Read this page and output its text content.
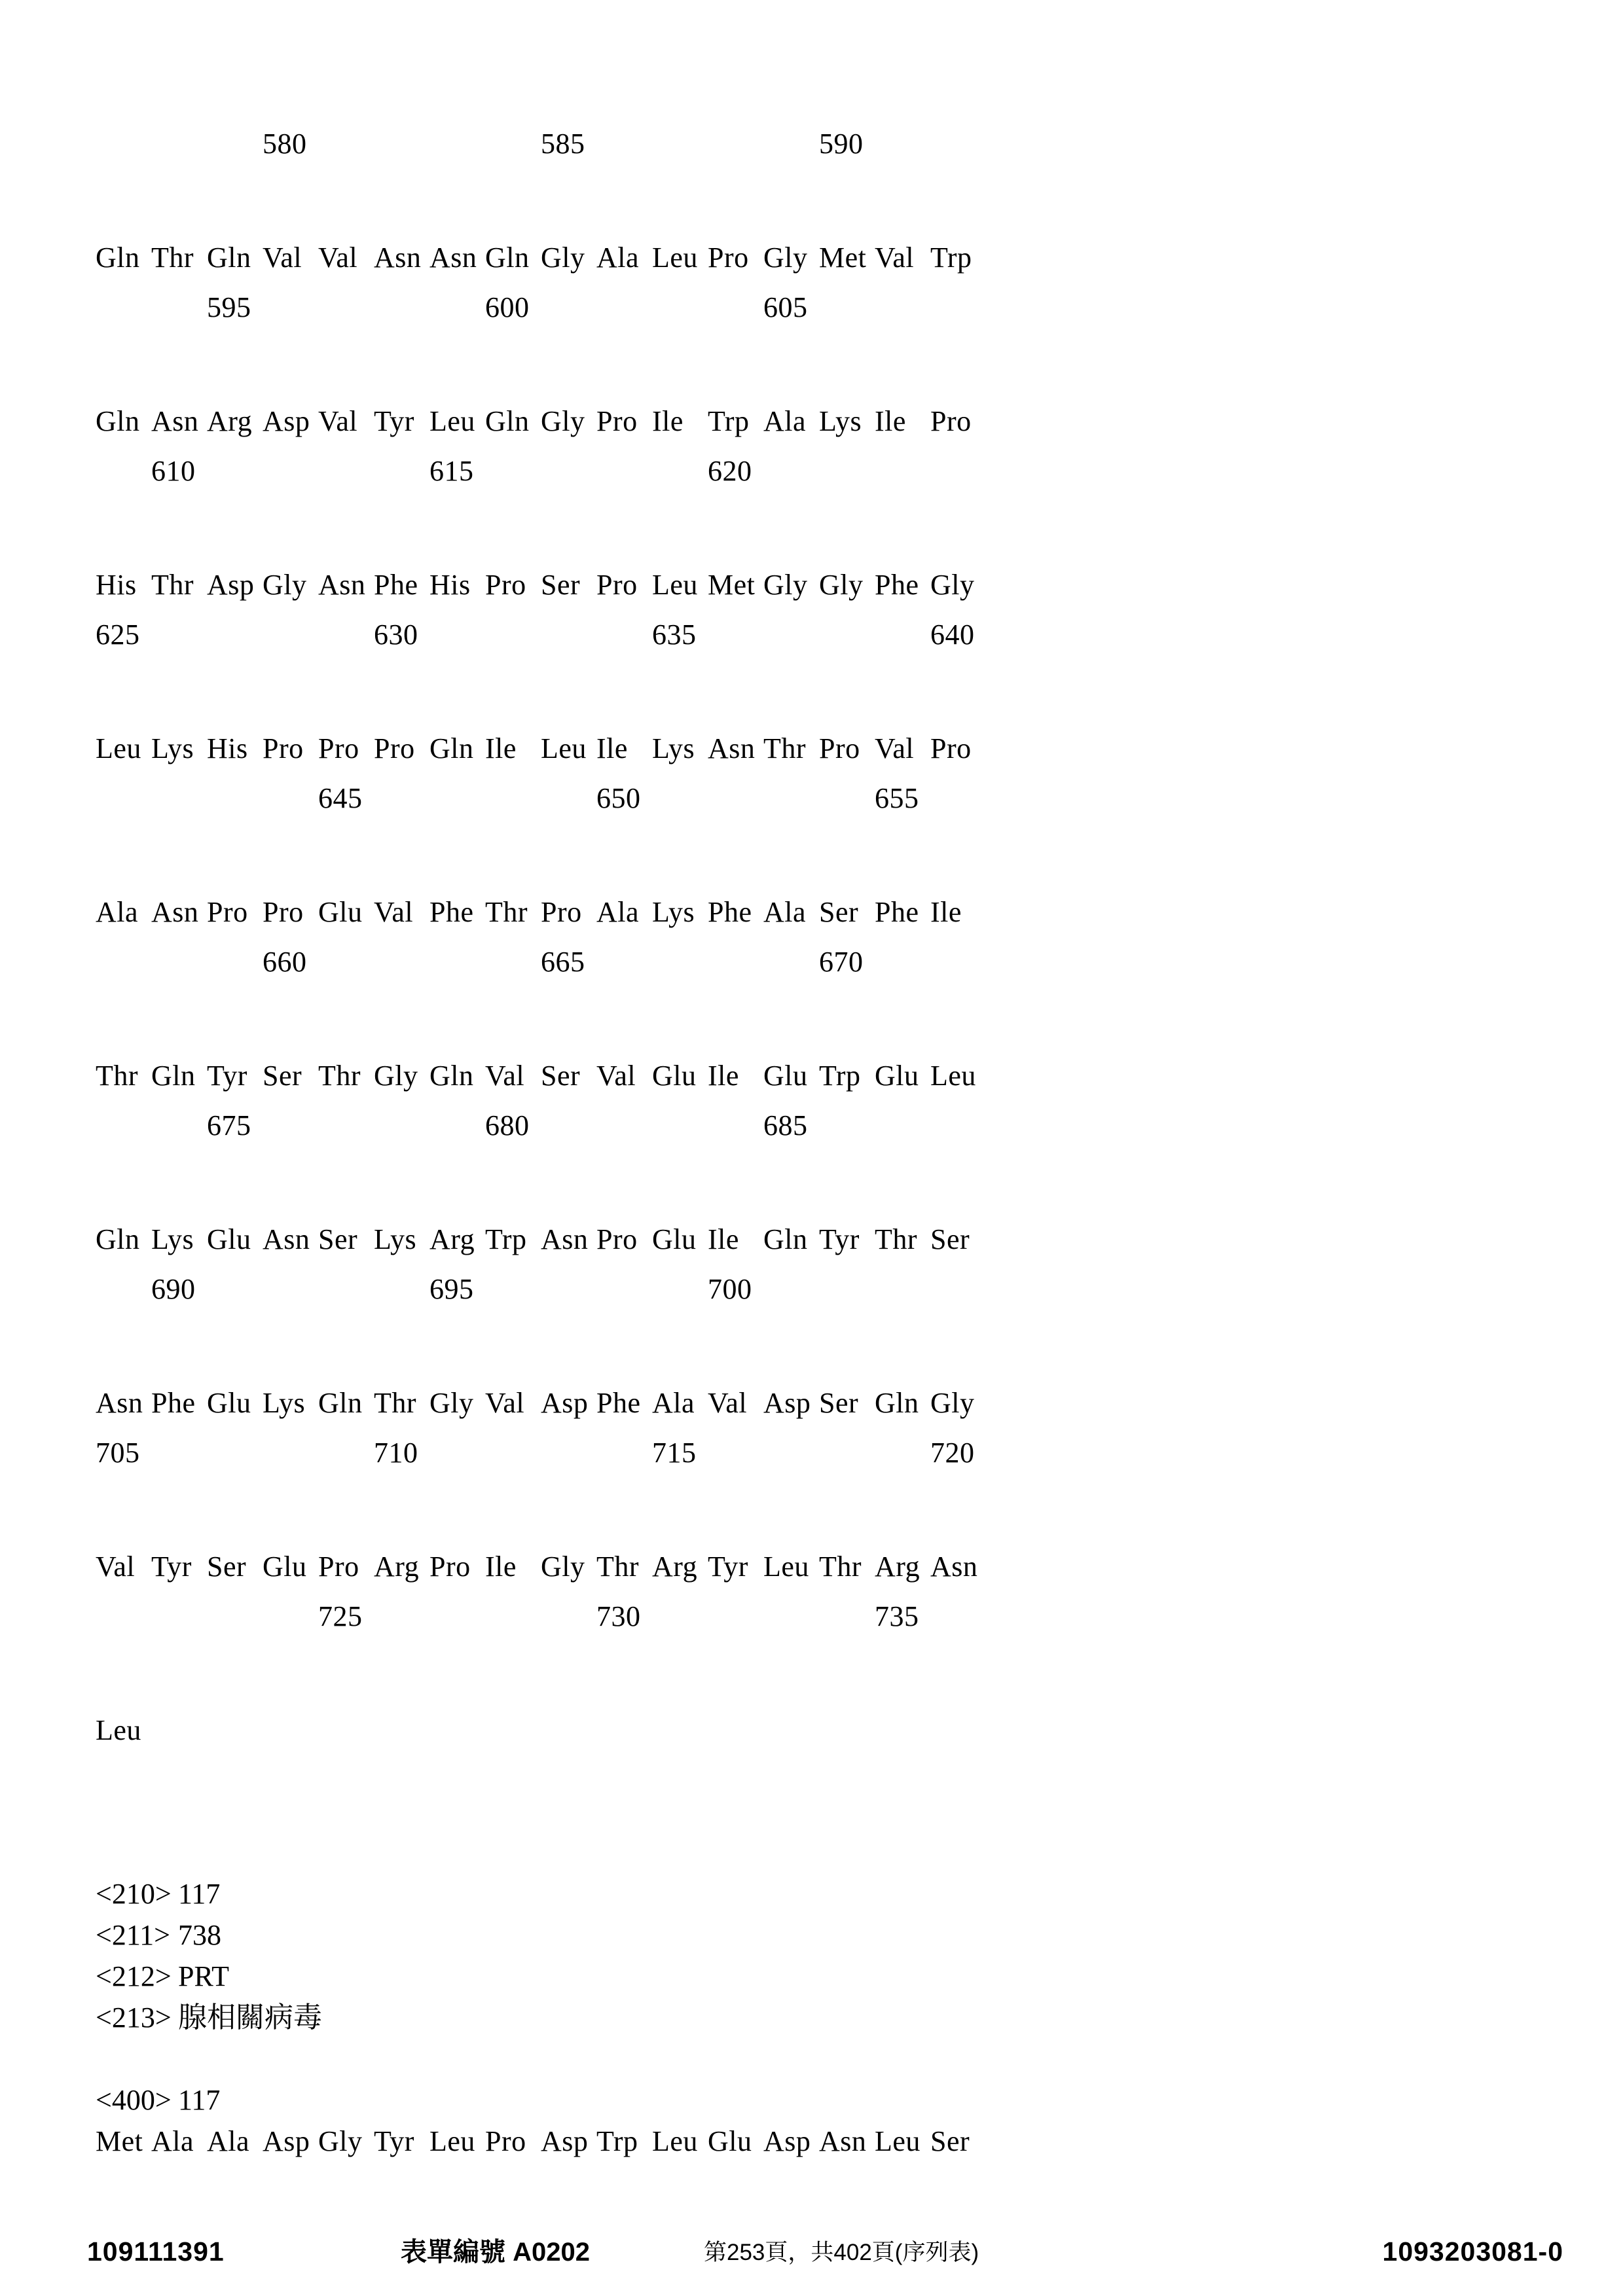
580	585	590
Gln Thr Gln Val Val Asn Asn Gln Gly Ala Leu Pro Gly Met Val Trp
595	600	605
Gln Asn Arg Asp Val Tyr Leu Gln Gly Pro Ile Trp Ala Lys Ile Pro
610	615	620
His Thr Asp Gly Asn Phe His Pro Ser Pro Leu Met Gly Gly Phe Gly
625	630	635	640
Leu Lys His Pro Pro Pro Gln Ile Leu Ile Lys Asn Thr Pro Val Pro
645	650	655
Ala Asn Pro Pro Glu Val Phe Thr Pro Ala Lys Phe Ala Ser Phe Ile
660	665	670
Thr Gln Tyr Ser Thr Gly Gln Val Ser Val Glu Ile Glu Trp Glu Leu
675	680	685
Gln Lys Glu Asn Ser Lys Arg Trp Asn Pro Glu Ile Gln Tyr Thr Ser
690	695	700
Asn Phe Glu Lys Gln Thr Gly Val Asp Phe Ala Val Asp Ser Gln Gly
705	710	715	720
Val Tyr Ser Glu Pro Arg Pro Ile Gly Thr Arg Tyr Leu Thr Arg Asn
725	730	735
Leu
<210> 117
<211> 738
<212> PRT
<213> 腺相關病毒
<400> 117
Met Ala Ala Asp Gly Tyr Leu Pro Asp Trp Leu Glu Asp Asn Leu Ser
109111391	表單編號 A0202	第253頁，共402頁(序列表)	1093203081-0
